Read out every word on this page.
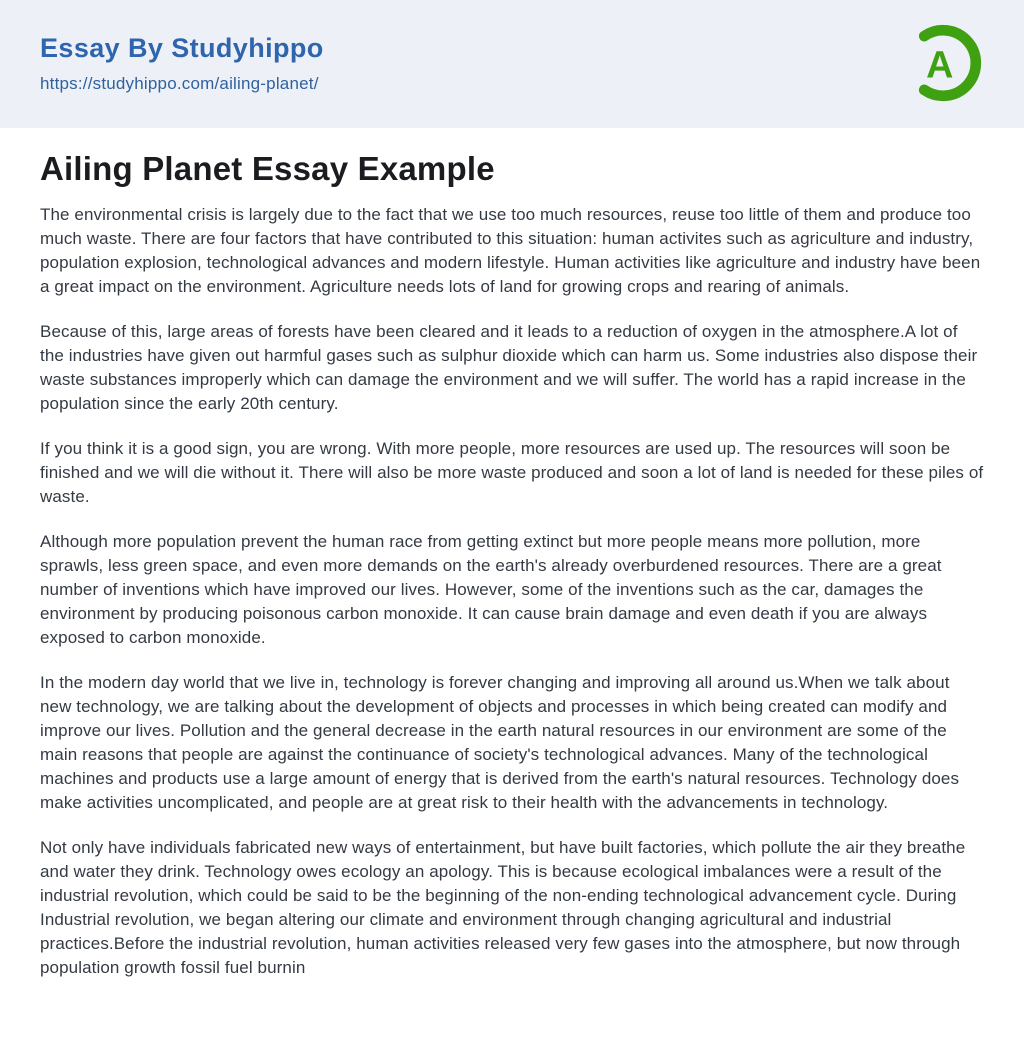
Essay By Studyhippo
https://studyhippo.com/ailing-planet/	A
Ailing Planet Essay Example

The environmental crisis is largely due to the fact that we use too much resources, reuse too little of them and produce too much waste. There are four factors that have contributed to this situation: human activites such as agriculture and industry, population explosion, technological advances and modern lifestyle. Human activities like agriculture and industry have been a great impact on the environment. Agriculture needs lots of land for growing crops and rearing of animals.

Because of this, large areas of forests have been cleared and it leads to a reduction of oxygen in the atmosphere.A lot of the industries have given out harmful gases such as sulphur dioxide which can harm us. Some industries also dispose their waste substances improperly which can damage the environment and we will suffer. The world has a rapid increase in the population since the early 20th century.

If you think it is a good sign, you are wrong. With more people, more resources are used up. The resources will soon be finished and we will die without it. There will also be more waste produced and soon a lot of land is needed for these piles of waste.

Although more population prevent the human race from getting extinct but more people means more pollution, more sprawls, less green space, and even more demands on the earth's already overburdened resources. There are a great number of inventions which have improved our lives. However, some of the inventions such as the car, damages the environment by producing poisonous carbon monoxide. It can cause brain damage and even death if you are always exposed to carbon monoxide.

In the modern day world that we live in, technology is forever changing and improving all around us.When we talk about new technology, we are talking about the development of objects and processes in which being created can modify and improve our lives. Pollution and the general decrease in the earth natural resources in our environment are some of the main reasons that people are against the continuance of society's technological advances. Many of the technological machines and products use a large amount of energy that is derived from the earth's natural resources. Technology does make activities uncomplicated, and people are at great risk to their health with the advancements in technology.

Not only have individuals fabricated new ways of entertainment, but have built factories, which pollute the air they breathe and water they drink. Technology owes ecology an apology. This is because ecological imbalances were a result of the industrial revolution, which could be said to be the beginning of the non-ending technological advancement cycle. During Industrial revolution, we began altering our climate and environment through changing agricultural and industrial practices.Before the industrial revolution, human activities released very few gases into the atmosphere, but now through population growth fossil fuel burnin
